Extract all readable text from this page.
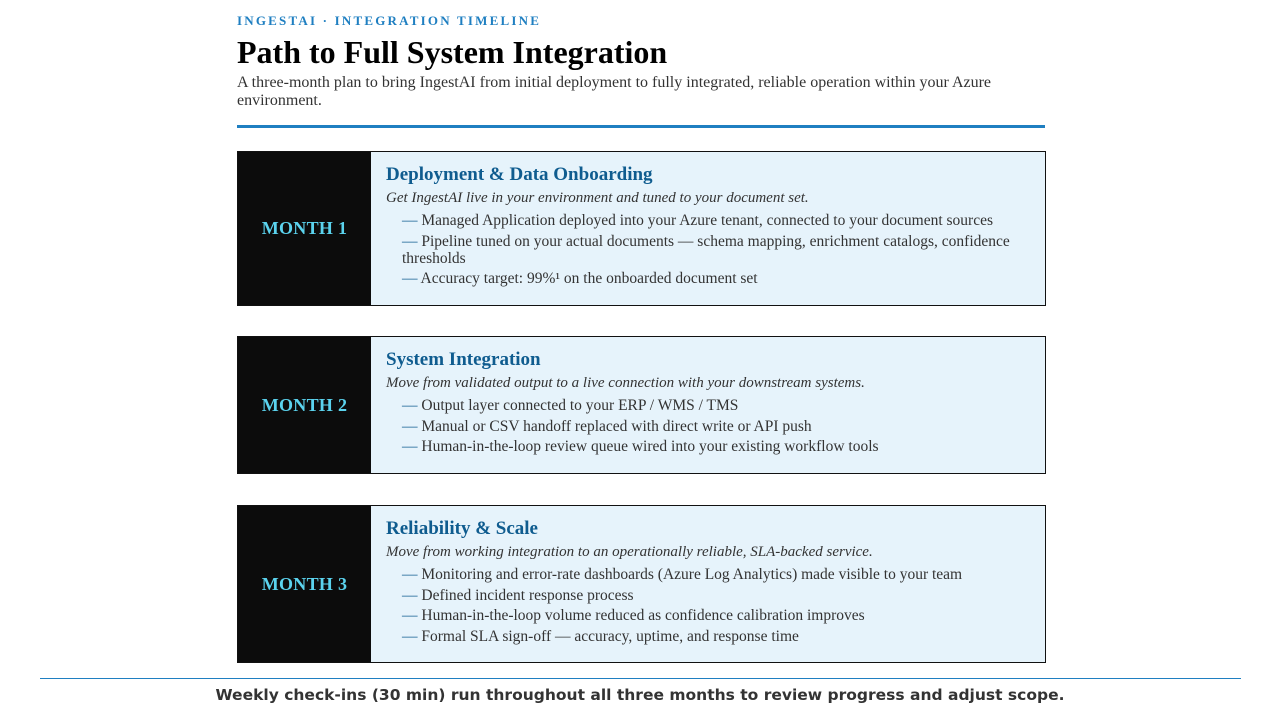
INGESTAI · INTEGRATION TIMELINE
Path to Full System Integration
A three-month plan to bring IngestAI from initial deployment to fully integrated, reliable operation within your Azure environment.
MONTH 1
Deployment & Data Onboarding
Get IngestAI live in your environment and tuned to your document set.
— Managed Application deployed into your Azure tenant, connected to your document sources
— Pipeline tuned on your actual documents — schema mapping, enrichment catalogs, confidence thresholds
— Accuracy target: 99%¹ on the onboarded document set
MONTH 2
System Integration
Move from validated output to a live connection with your downstream systems.
— Output layer connected to your ERP / WMS / TMS
— Manual or CSV handoff replaced with direct write or API push
— Human-in-the-loop review queue wired into your existing workflow tools
MONTH 3
Reliability & Scale
Move from working integration to an operationally reliable, SLA-backed service.
— Monitoring and error-rate dashboards (Azure Log Analytics) made visible to your team
— Defined incident response process
— Human-in-the-loop volume reduced as confidence calibration improves
— Formal SLA sign-off — accuracy, uptime, and response time
Weekly check-ins (30 min) run throughout all three months to review progress and adjust scope.
